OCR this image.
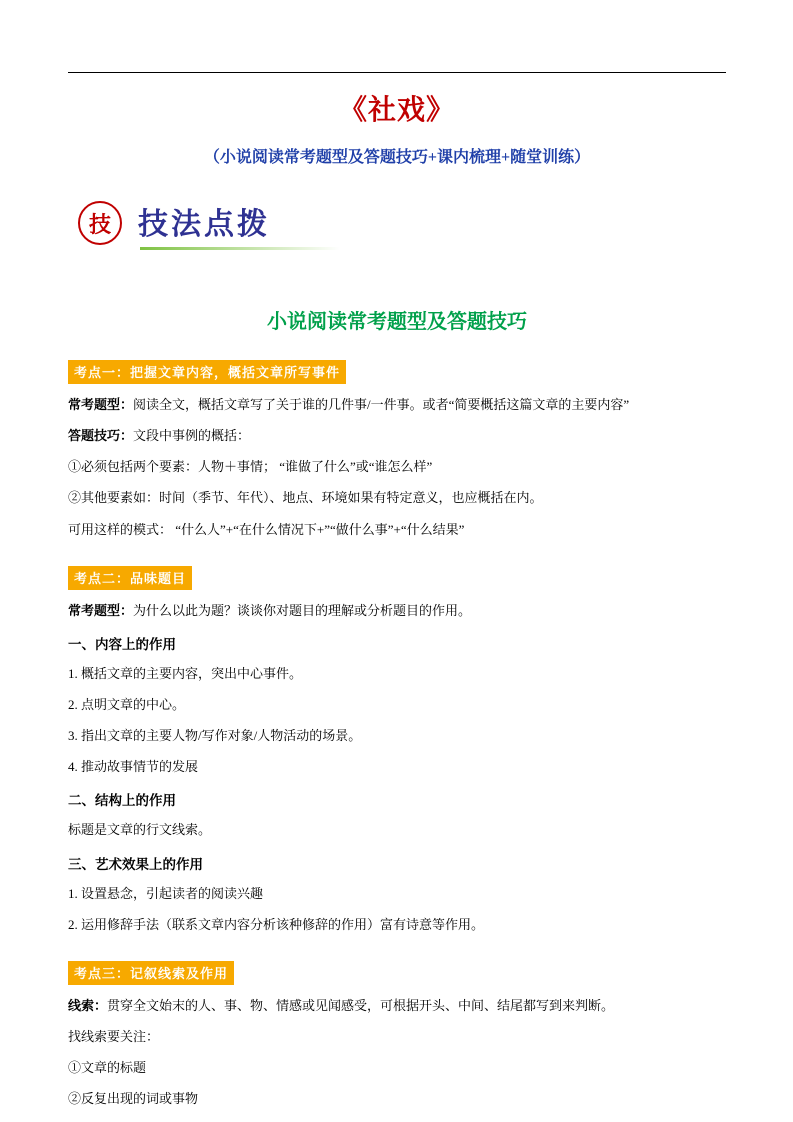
《社戏》
（小说阅读常考题型及答题技巧+课内梳理+随堂训练）
技 技法点拨
小说阅读常考题型及答题技巧
考点一：把握文章内容，概括文章所写事件
常考题型：阅读全文，概括文章写了关于谁的几件事/一件事。或者“简要概括这篇文章的主要内容”
答题技巧：文段中事例的概括：
①必须包括两个要素：人物＋事情； “谁做了什么”或“谁怎么样”
②其他要素如：时间（季节、年代）、地点、环境如果有特定意义，也应概括在内。
可用这样的模式： “什么人”+“在什么情况下+”“做什么事”+“什么结果”
考点二：品味题目
常考题型：为什么以此为题？谈谈你对题目的理解或分析题目的作用。
一、内容上的作用
1. 概括文章的主要内容，突出中心事件。
2. 点明文章的中心。
3. 指出文章的主要人物/写作对象/人物活动的场景。
4. 推动故事情节的发展
二、结构上的作用
标题是文章的行文线索。
三、艺术效果上的作用
1. 设置悬念，引起读者的阅读兴趣
2. 运用修辞手法（联系文章内容分析该种修辞的作用）富有诗意等作用。
考点三：记叙线索及作用
线索：贯穿全文始末的人、事、物、情感或见闻感受，可根据开头、中间、结尾都写到来判断。
找线索要关注：
①文章的标题
②反复出现的词或事物
